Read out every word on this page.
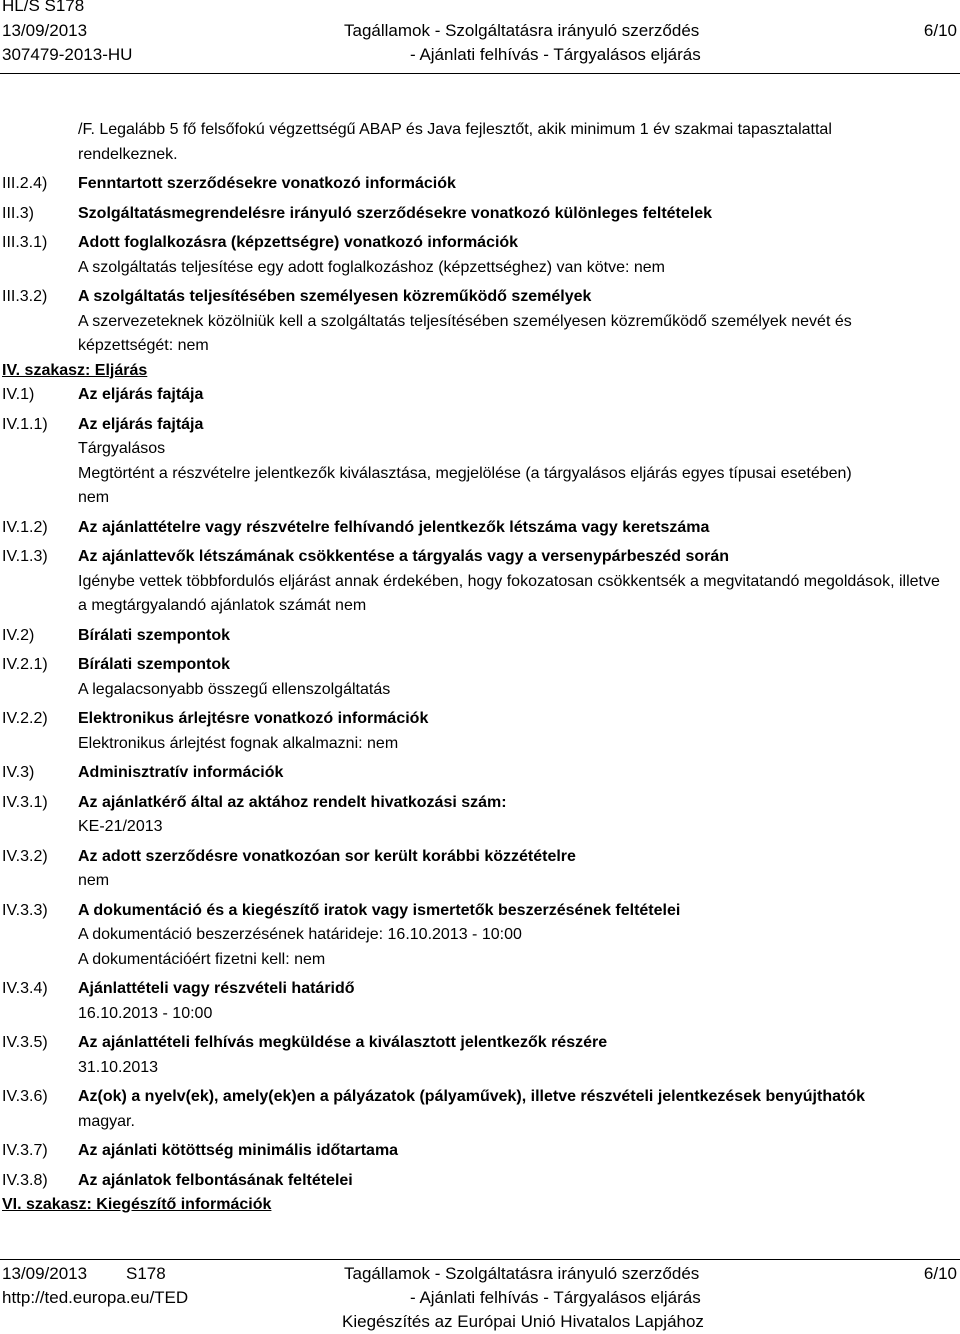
HL/S S178
13/09/2013
307479-2013-HU
Tagállamok - Szolgáltatásra irányuló szerződés
- Ajánlati felhívás - Tárgyalásos eljárás
6/10
/F. Legalább 5 fő felsőfokú végzettségű ABAP és Java fejlesztőt, akik minimum 1 év szakmai tapasztalattal
rendelkeznek.
III.2.4) Fenntartott szerződésekre vonatkozó információk
III.3)	Szolgáltatásmegrendelésre irányuló szerződésekre vonatkozó különleges feltételek
III.3.1) Adott foglalkozásra (képzettségre) vonatkozó információk
A szolgáltatás teljesítése egy adott foglalkozáshoz (képzettséghez) van kötve: nem
III.3.2) A szolgáltatás teljesítésében személyesen közreműködő személyek
A szervezeteknek közölniük kell a szolgáltatás teljesítésében személyesen közreműködő személyek nevét és képzettségét: nem
IV. szakasz: Eljárás
IV.1)	Az eljárás fajtája
IV.1.1) Az eljárás fajtája
Tárgyalásos
Megtörtént a részvételre jelentkezők kiválasztása, megjelölése (a tárgyalásos eljárás egyes típusai esetében)
nem
IV.1.2) Az ajánlattételre vagy részvételre felhívandó jelentkezők létszáma vagy keretszáma
IV.1.3) Az ajánlattevők létszámának csökkentése a tárgyalás vagy a versenypárbeszéd során
Igénybe vettek többfordulós eljárást annak érdekében, hogy fokozatosan csökkentsék a megvitatandó megoldások, illetve a megtárgyalandó ajánlatok számát nem
IV.2)	Bírálati szempontok
IV.2.1) Bírálati szempontok
A legalacsonyabb összegű ellenszolgáltatás
IV.2.2) Elektronikus árlejtésre vonatkozó információk
Elektronikus árlejtést fognak alkalmazni: nem
IV.3)	Adminisztratív információk
IV.3.1) Az ajánlatkérő által az aktához rendelt hivatkozási szám:
KE-21/2013
IV.3.2) Az adott szerződésre vonatkozóan sor került korábbi közzétételre
nem
IV.3.3) A dokumentáció és a kiegészítő iratok vagy ismertetők beszerzésének feltételei
A dokumentáció beszerzésének határideje: 16.10.2013 - 10:00
A dokumentációért fizetni kell: nem
IV.3.4) Ajánlattételi vagy részvételi határidő
16.10.2013 - 10:00
IV.3.5) Az ajánlattételi felhívás megküldése a kiválasztott jelentkezők részére
31.10.2013
IV.3.6) Az(ok) a nyelv(ek), amely(ek)en a pályázatok (pályaművek), illetve részvételi jelentkezések benyújthatók
magyar.
IV.3.7) Az ajánlati kötöttség minimális időtartama
IV.3.8) Az ajánlatok felbontásának feltételei
VI. szakasz: Kiegészítő információk
13/09/2013 S178
http://ted.europa.eu/TED
Tagállamok - Szolgáltatásra irányuló szerződés
- Ajánlati felhívás - Tárgyalásos eljárás
Kiegészítés az Európai Unió Hivatalos Lapjához
6/10
